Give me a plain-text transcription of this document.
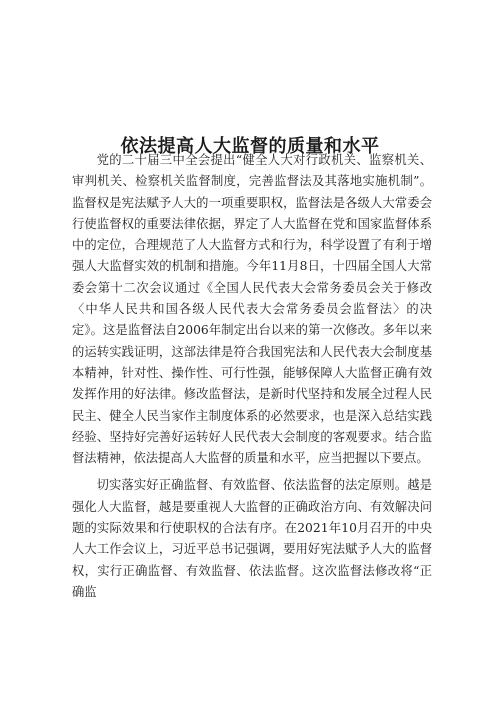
依法提高人大监督的质量和水平

党的二十届三中全会提出“健全人大对行政机关、监察机关、审判机关、检察机关监督制度，完善监督法及其落地实施机制”。监督权是宪法赋予人大的一项重要职权，监督法是各级人大常委会行使监督权的重要法律依据，界定了人大监督在党和国家监督体系中的定位，合理规范了人大监督方式和行为，科学设置了有利于增强人大监督实效的机制和措施。今年11月8日，十四届全国人大常委会第十二次会议通过《全国人民代表大会常务委员会关于修改〈中华人民共和国各级人民代表大会常务委员会监督法〉的决定》。这是监督法自2006年制定出台以来的第一次修改。多年以来的运转实践证明，这部法律是符合我国宪法和人民代表大会制度基本精神，针对性、操作性、可行性强，能够保障人大监督正确有效发挥作用的好法律。修改监督法，是新时代坚持和发展全过程人民民主、健全人民当家作主制度体系的必然要求，也是深入总结实践经验、坚持好完善好运转好人民代表大会制度的客观要求。结合监督法精神，依法提高人大监督的质量和水平，应当把握以下要点。

切实落实好正确监督、有效监督、依法监督的法定原则。越是强化人大监督，越是要重视人大监督的正确政治方向、有效解决问题的实际效果和行使职权的合法有序。在2021年10月召开的中央人大工作会议上，习近平总书记强调，要用好宪法赋予人大的监督权，实行正确监督、有效监督、依法监督。这次监督法修改将“正确监
